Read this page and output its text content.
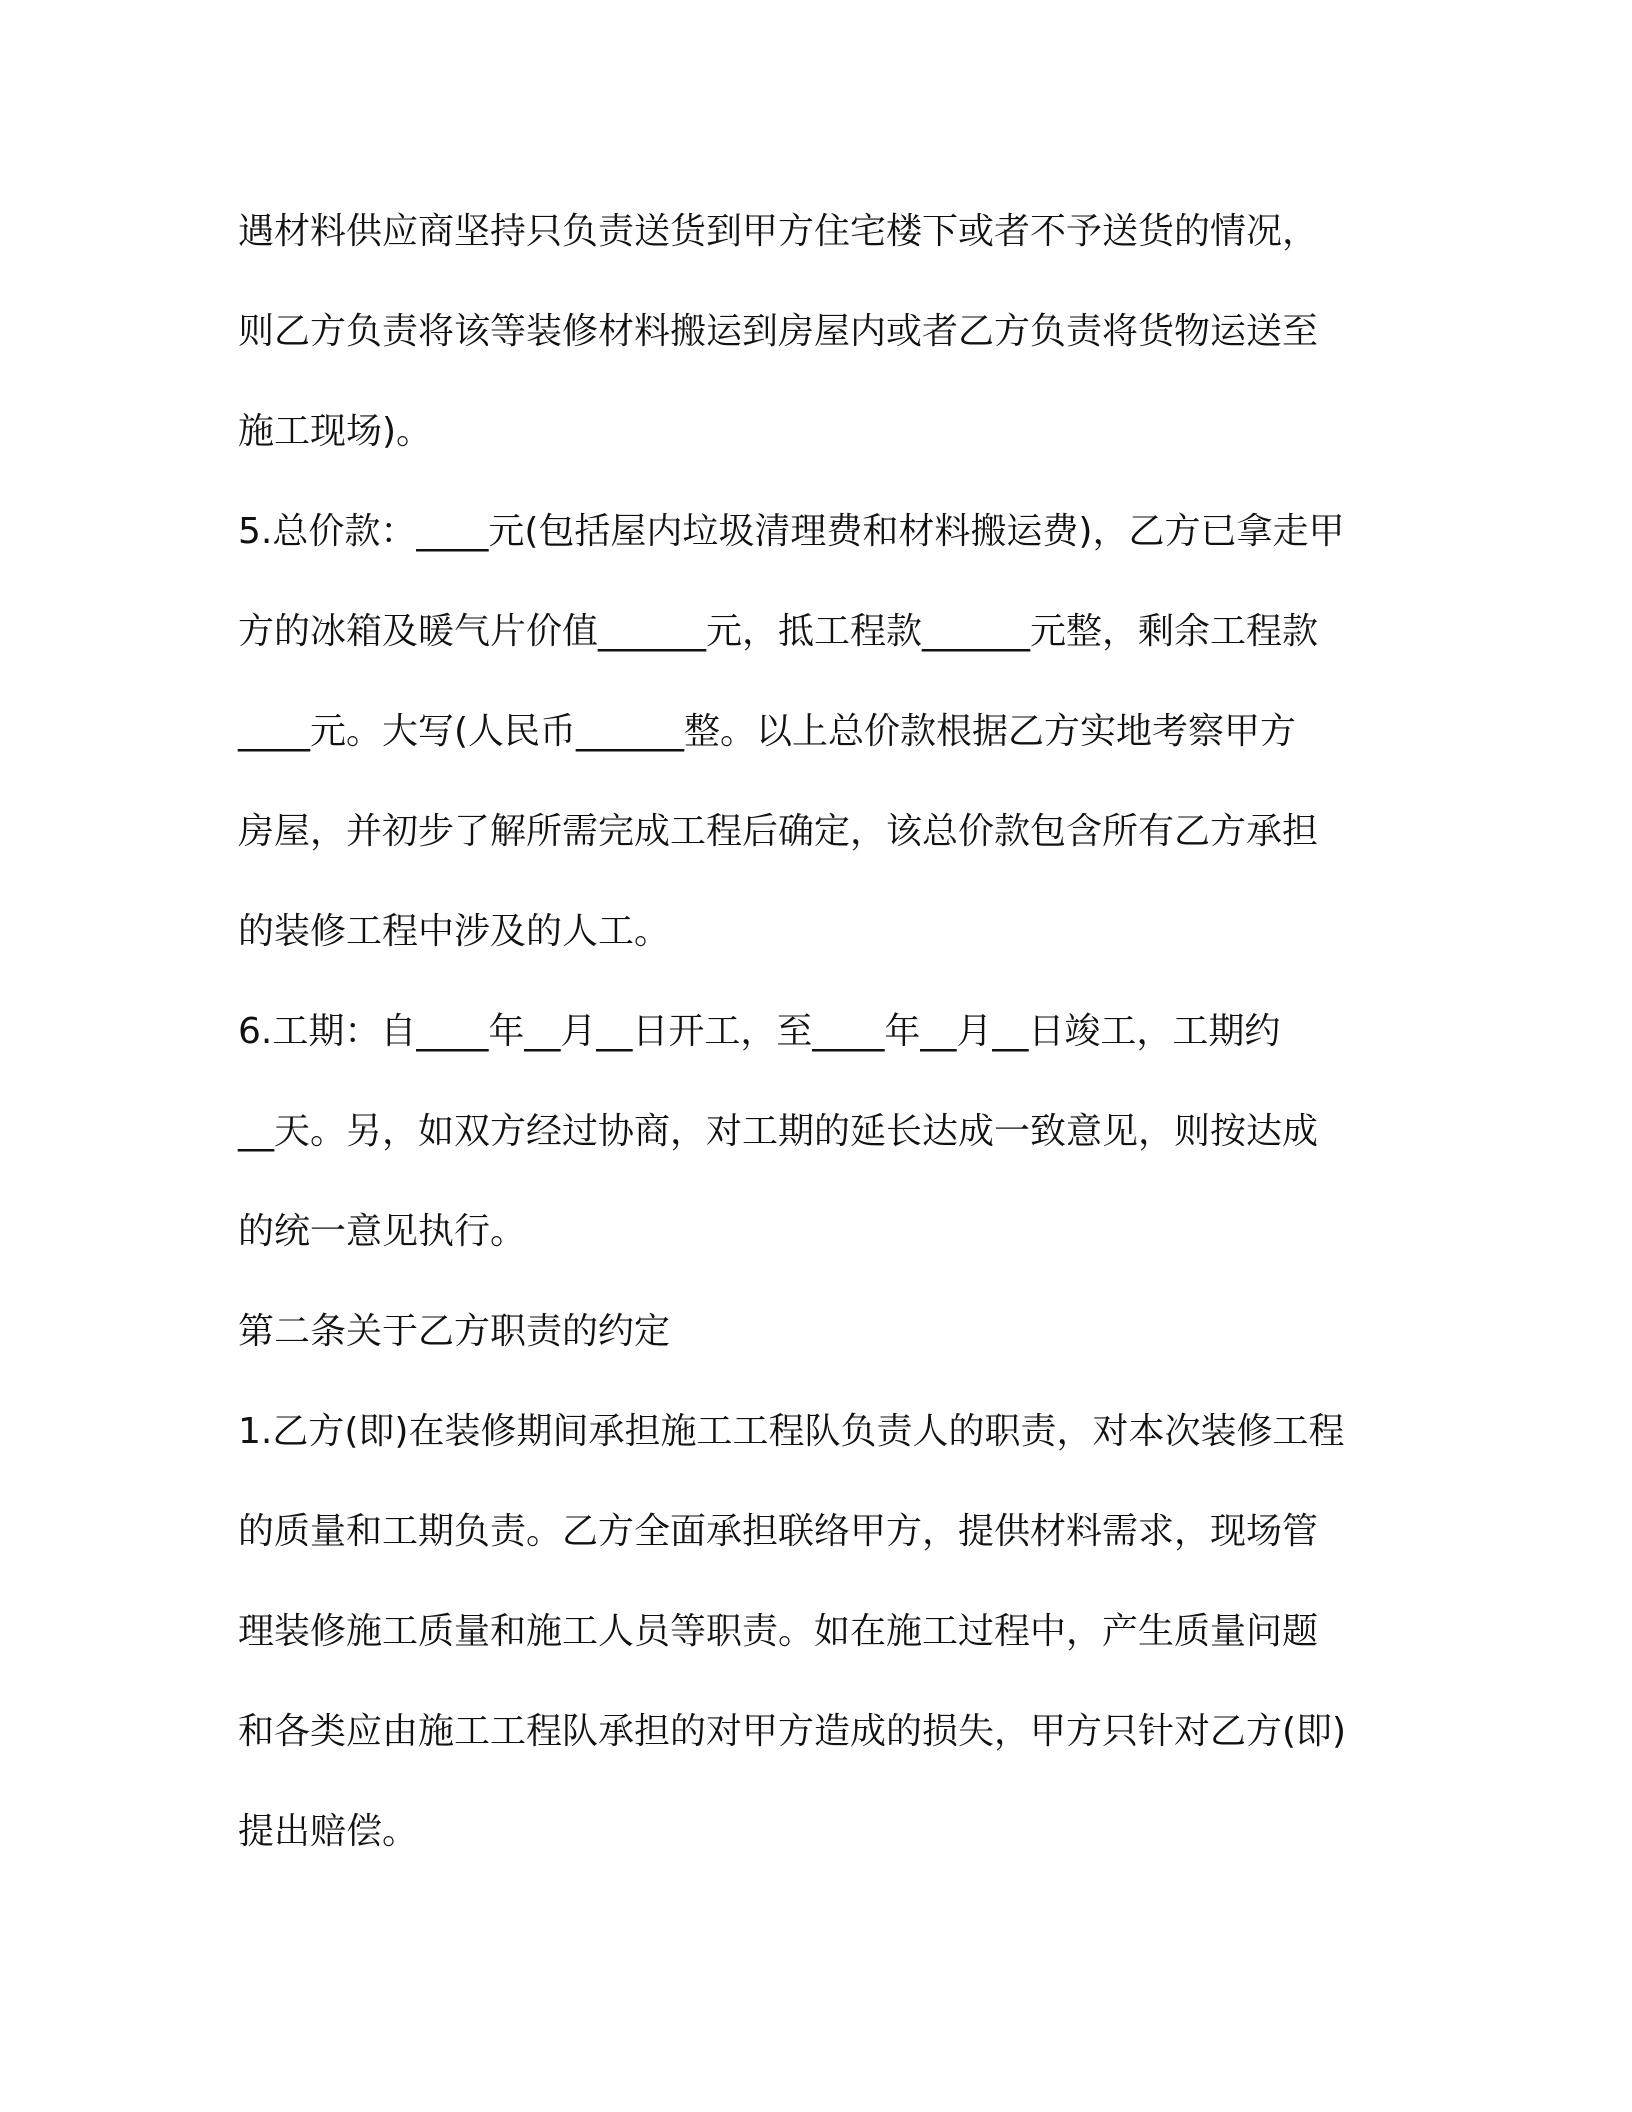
遇材料供应商坚持只负责送货到甲方住宅楼下或者不予送货的情况，
则乙方负责将该等装修材料搬运到房屋内或者乙方负责将货物运送至
施工现场)。
5.总价款：____元(包括屋内垃圾清理费和材料搬运费)，乙方已拿走甲
方的冰箱及暖气片价值______元，抵工程款______元整，剩余工程款
____元。大写(人民币______整。以上总价款根据乙方实地考察甲方
房屋，并初步了解所需完成工程后确定，该总价款包含所有乙方承担
的装修工程中涉及的人工。
6.工期：自____年__月__日开工，至____年__月__日竣工，工期约
__天。另，如双方经过协商，对工期的延长达成一致意见，则按达成
的统一意见执行。
第二条关于乙方职责的约定
1.乙方(即)在装修期间承担施工工程队负责人的职责，对本次装修工程
的质量和工期负责。乙方全面承担联络甲方，提供材料需求，现场管
理装修施工质量和施工人员等职责。如在施工过程中，产生质量问题
和各类应由施工工程队承担的对甲方造成的损失，甲方只针对乙方(即)
提出赔偿。
